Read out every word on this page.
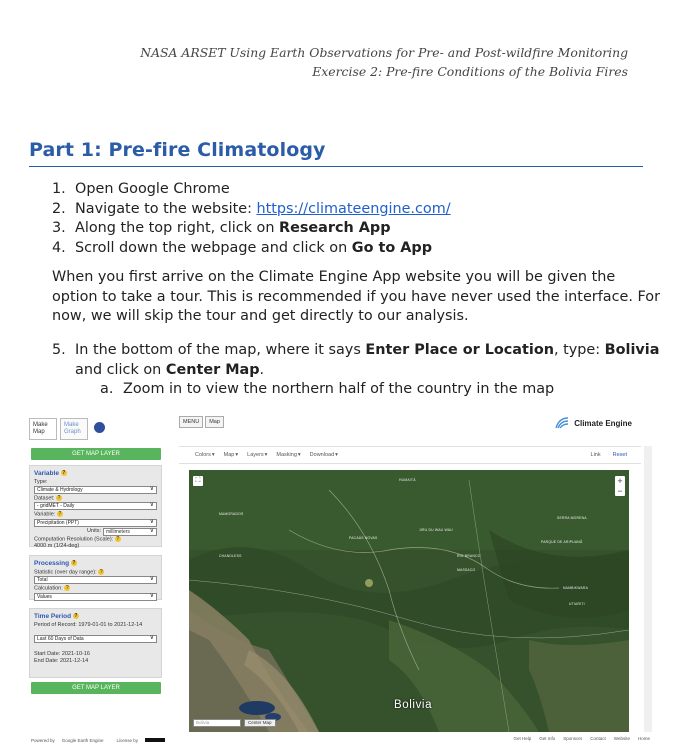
NASA ARSET Using Earth Observations for Pre- and Post-wildfire Monitoring
Exercise 2: Pre-fire Conditions of the Bolivia Fires
Part 1: Pre-fire Climatology
1. Open Google Chrome
2. Navigate to the website: https://climateengine.com/
3. Along the top right, click on Research App
4. Scroll down the webpage and click on Go to App
When you first arrive on the Climate Engine App website you will be given the option to take a tour. This is recommended if you have never used the interface. For now, we will skip the tour and get directly to our analysis.
5. In the bottom of the map, where it says Enter Place or Location, type: Bolivia and click on Center Map.
a. Zoom in to view the northern half of the country in the map
Make Map
Make Graph
GET MAP LAYER
Variable ?
Type:
Climate & Hydrology ∨
Dataset: ?
- gridMET - Daily ∨
Variable: ?
Precipitation (PPT) ∨
Units:	millimeters ∨
Computation Resolution (Scale): ?
4000 m (1/24-deg)
Processing ?
Statistic (over day range): ?
Total ∨
Calculation: ?
Values ∨
Time Period ?
Period of Record: 1979-01-01 to 2021-12-14
Last 60 Days of Data ∨
Start Date: 2021-10-16
End Date: 2021-12-14
GET MAP LAYER
MENU	Map	Climate Engine
Colors ▾ Map ▾ Layers ▾ Masking ▾ Download ▾	Link Reset
⛶	+
−
HUMAITÁ
MAMORADOS
JIRU DU WAU WAU
PACAÁS NOVAS
RIO BRANCO
MASSACO
PARQUE DE ARIPUANÃ
SERRA MORENA
CHANDLESS
NAMBIKWARA
UTIARITI
Bolivia
Bolivia	Center Map
Powered by Google Earth Engine	License by	Get Help Get Info Sponsors Contact Website Home
